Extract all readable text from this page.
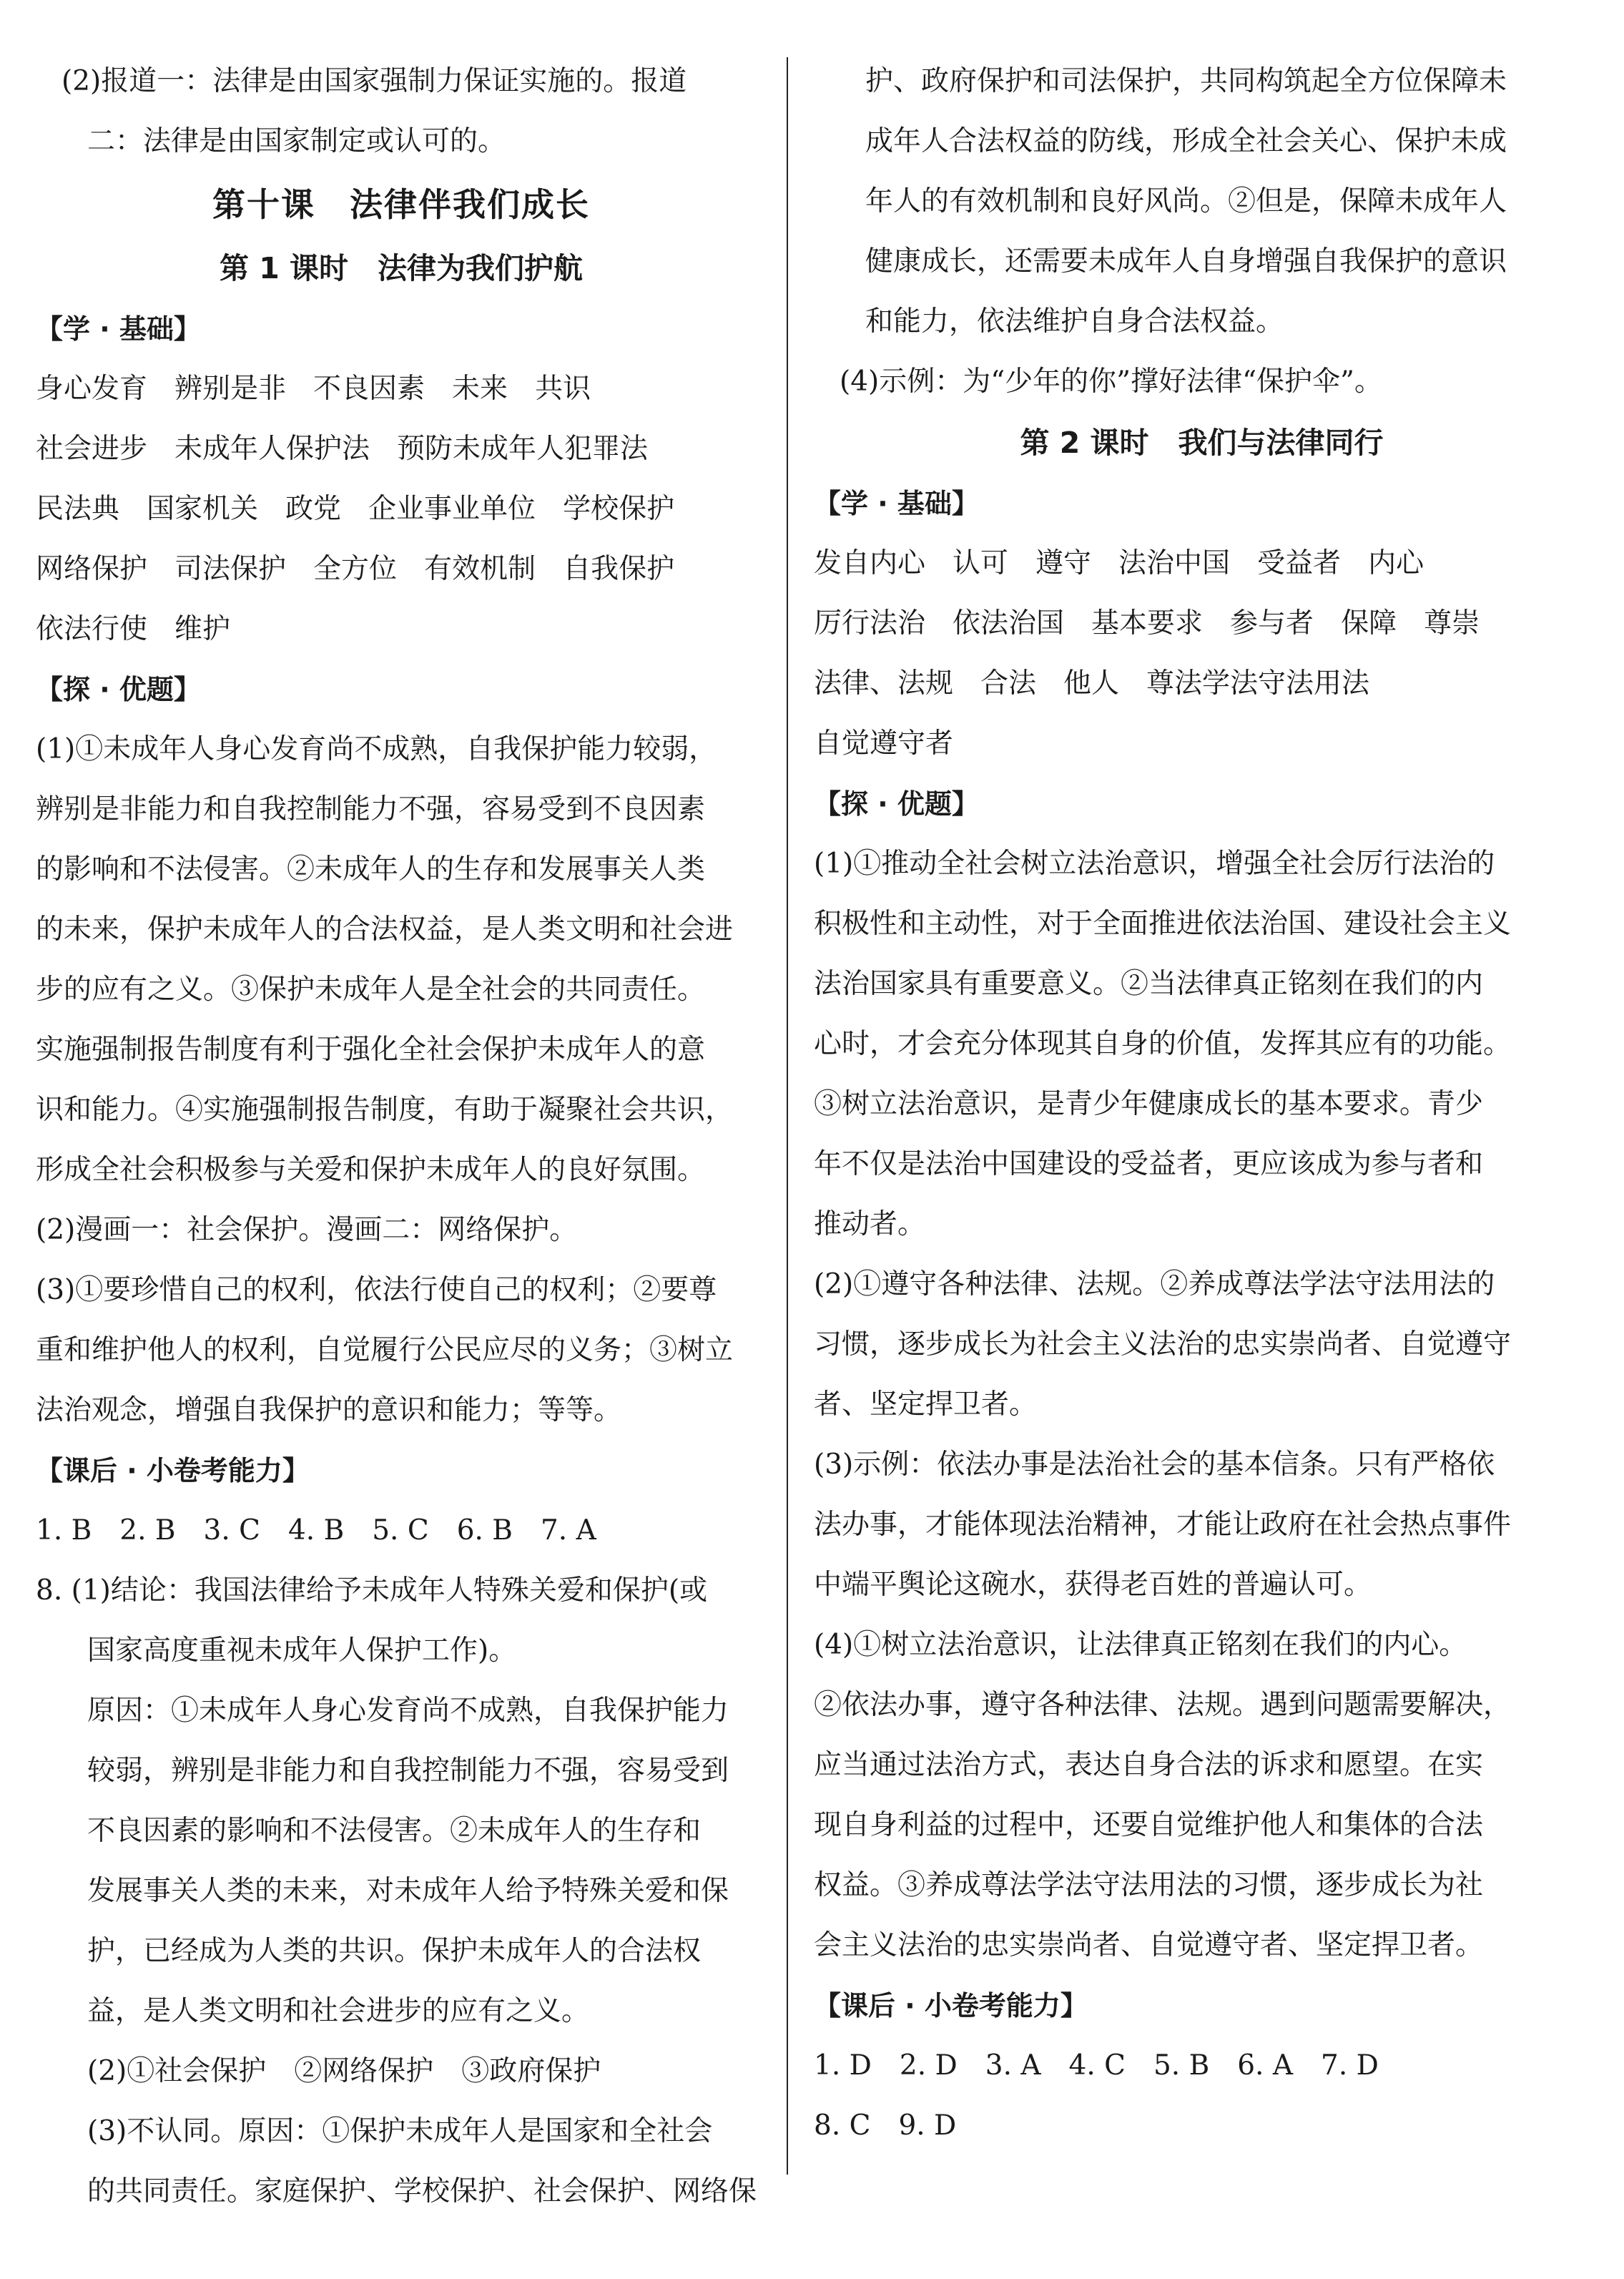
(2)报道一：法律是由国家强制力保证实施的。报道
二：法律是由国家制定或认可的。

第十课　法律伴我们成长

第 1 课时　法律为我们护航

【学 · 基础】

身心发育 辨别是非 不良因素 未来 共识

社会进步 未成年人保护法 预防未成年人犯罪法

民法典 国家机关 政党 企业事业单位 学校保护

网络保护 司法保护 全方位 有效机制 自我保护

依法行使 维护

【探 · 优题】

(1)①未成年人身心发育尚不成熟，自我保护能力较弱，
辨别是非能力和自我控制能力不强，容易受到不良因素
的影响和不法侵害。②未成年人的生存和发展事关人类
的未来，保护未成年人的合法权益，是人类文明和社会进
步的应有之义。③保护未成年人是全社会的共同责任。
实施强制报告制度有利于强化全社会保护未成年人的意
识和能力。④实施强制报告制度，有助于凝聚社会共识，
形成全社会积极参与关爱和保护未成年人的良好氛围。
(2)漫画一：社会保护。漫画二：网络保护。
(3)①要珍惜自己的权利，依法行使自己的权利；②要尊
重和维护他人的权利，自觉履行公民应尽的义务；③树立
法治观念，增强自我保护的意识和能力；等等。

【课后 · 小卷考能力】

1. B　2. B　3. C　4. B　5. C　6. B　7. A

8. (1)结论：我国法律给予未成年人特殊关爱和保护(或
国家高度重视未成年人保护工作)。
原因：①未成年人身心发育尚不成熟，自我保护能力
较弱，辨别是非能力和自我控制能力不强，容易受到
不良因素的影响和不法侵害。②未成年人的生存和
发展事关人类的未来，对未成年人给予特殊关爱和保
护，已经成为人类的共识。保护未成年人的合法权
益，是人类文明和社会进步的应有之义。
(2)①社会保护　②网络保护　③政府保护
(3)不认同。原因：①保护未成年人是国家和全社会
的共同责任。家庭保护、学校保护、社会保护、网络保

护、政府保护和司法保护，共同构筑起全方位保障未
成年人合法权益的防线，形成全社会关心、保护未成
年人的有效机制和良好风尚。②但是，保障未成年人
健康成长，还需要未成年人自身增强自我保护的意识
和能力，依法维护自身合法权益。
(4)示例：为“少年的你”撑好法律“保护伞”。

第 2 课时　我们与法律同行

【学 · 基础】

发自内心 认可 遵守 法治中国 受益者 内心

厉行法治 依法治国 基本要求 参与者 保障 尊崇

法律、法规 合法 他人 尊法学法守法用法

自觉遵守者

【探 · 优题】

(1)①推动全社会树立法治意识，增强全社会厉行法治的
积极性和主动性，对于全面推进依法治国、建设社会主义
法治国家具有重要意义。②当法律真正铭刻在我们的内
心时，才会充分体现其自身的价值，发挥其应有的功能。
③树立法治意识，是青少年健康成长的基本要求。青少
年不仅是法治中国建设的受益者，更应该成为参与者和
推动者。
(2)①遵守各种法律、法规。②养成尊法学法守法用法的
习惯，逐步成长为社会主义法治的忠实崇尚者、自觉遵守
者、坚定捍卫者。
(3)示例：依法办事是法治社会的基本信条。只有严格依
法办事，才能体现法治精神，才能让政府在社会热点事件
中端平舆论这碗水，获得老百姓的普遍认可。
(4)①树立法治意识，让法律真正铭刻在我们的内心。
②依法办事，遵守各种法律、法规。遇到问题需要解决，
应当通过法治方式，表达自身合法的诉求和愿望。在实
现自身利益的过程中，还要自觉维护他人和集体的合法
权益。③养成尊法学法守法用法的习惯，逐步成长为社
会主义法治的忠实崇尚者、自觉遵守者、坚定捍卫者。

【课后 · 小卷考能力】

1. D　2. D　3. A　4. C　5. B　6. A　7. D

8. C　9. D
